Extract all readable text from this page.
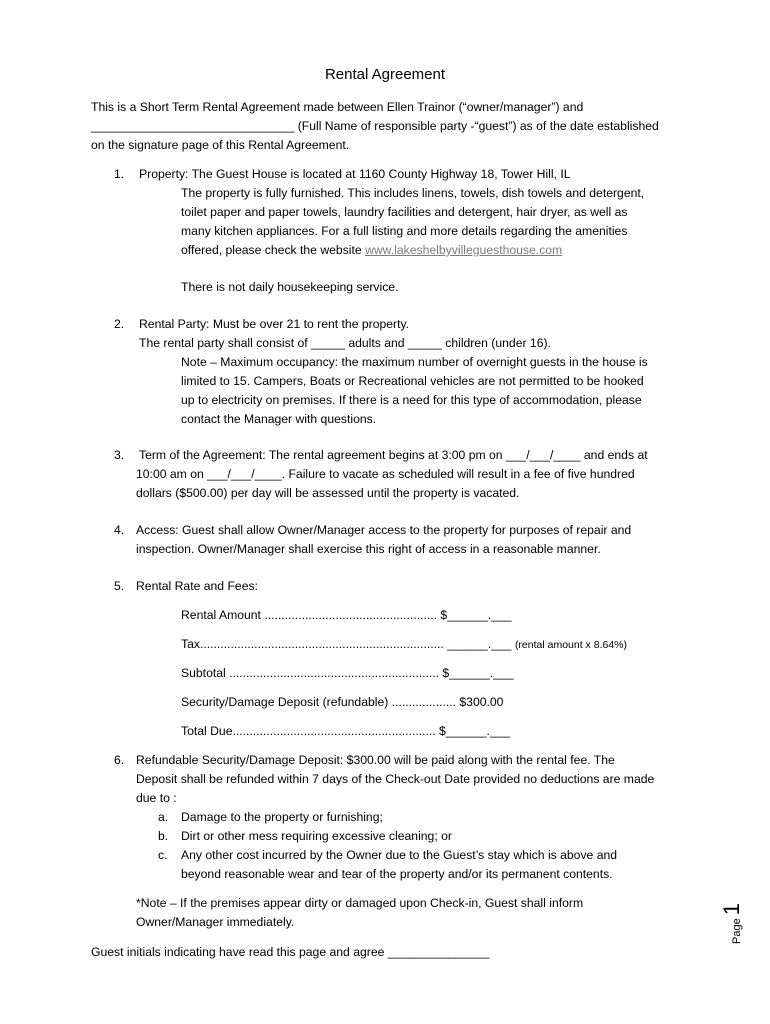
Rental Agreement
This is a Short Term Rental Agreement made between Ellen Trainor (“owner/manager”) and
______________________________ (Full Name of responsible party -“guest”) as of the date established
on the signature page of this Rental Agreement.
1. Property: The Guest House is located at 1160 County Highway 18, Tower Hill, IL
The property is fully furnished. This includes linens, towels, dish towels and detergent,
toilet paper and paper towels, laundry facilities and detergent, hair dryer, as well as
many kitchen appliances. For a full listing and more details regarding the amenities
offered, please check the website www.lakeshelbyvilleguesthouse.com
There is not daily housekeeping service.
2. Rental Party: Must be over 21 to rent the property.
The rental party shall consist of _____ adults and _____ children (under 16).
Note – Maximum occupancy: the maximum number of overnight guests in the house is
limited to 15. Campers, Boats or Recreational vehicles are not permitted to be hooked
up to electricity on premises. If there is a need for this type of accommodation, please
contact the Manager with questions.
3. Term of the Agreement: The rental agreement begins at 3:00 pm on ___/___/____ and ends at
10:00 am on ___/___/____. Failure to vacate as scheduled will result in a fee of five hundred
dollars ($500.00) per day will be assessed until the property is vacated.
4. Access: Guest shall allow Owner/Manager access to the property for purposes of repair and
inspection. Owner/Manager shall exercise this right of access in a reasonable manner.
5. Rental Rate and Fees:
Rental Amount ................................................... $______.___
Tax........................................................................ ______.___ (rental amount x 8.64%)
Subtotal .............................................................. $______.___
Security/Damage Deposit (refundable) ................... $300.00
Total Due............................................................ $______.___
6. Refundable Security/Damage Deposit: $300.00 will be paid along with the rental fee. The
Deposit shall be refunded within 7 days of the Check-out Date provided no deductions are made
due to :
a. Damage to the property or furnishing;
b. Dirt or other mess requiring excessive cleaning; or
c. Any other cost incurred by the Owner due to the Guest’s stay which is above and
beyond reasonable wear and tear of the property and/or its permanent contents.
*Note – If the premises appear dirty or damaged upon Check-in, Guest shall inform
Owner/Manager immediately.
Guest initials indicating have read this page and agree _______________
Page
1
